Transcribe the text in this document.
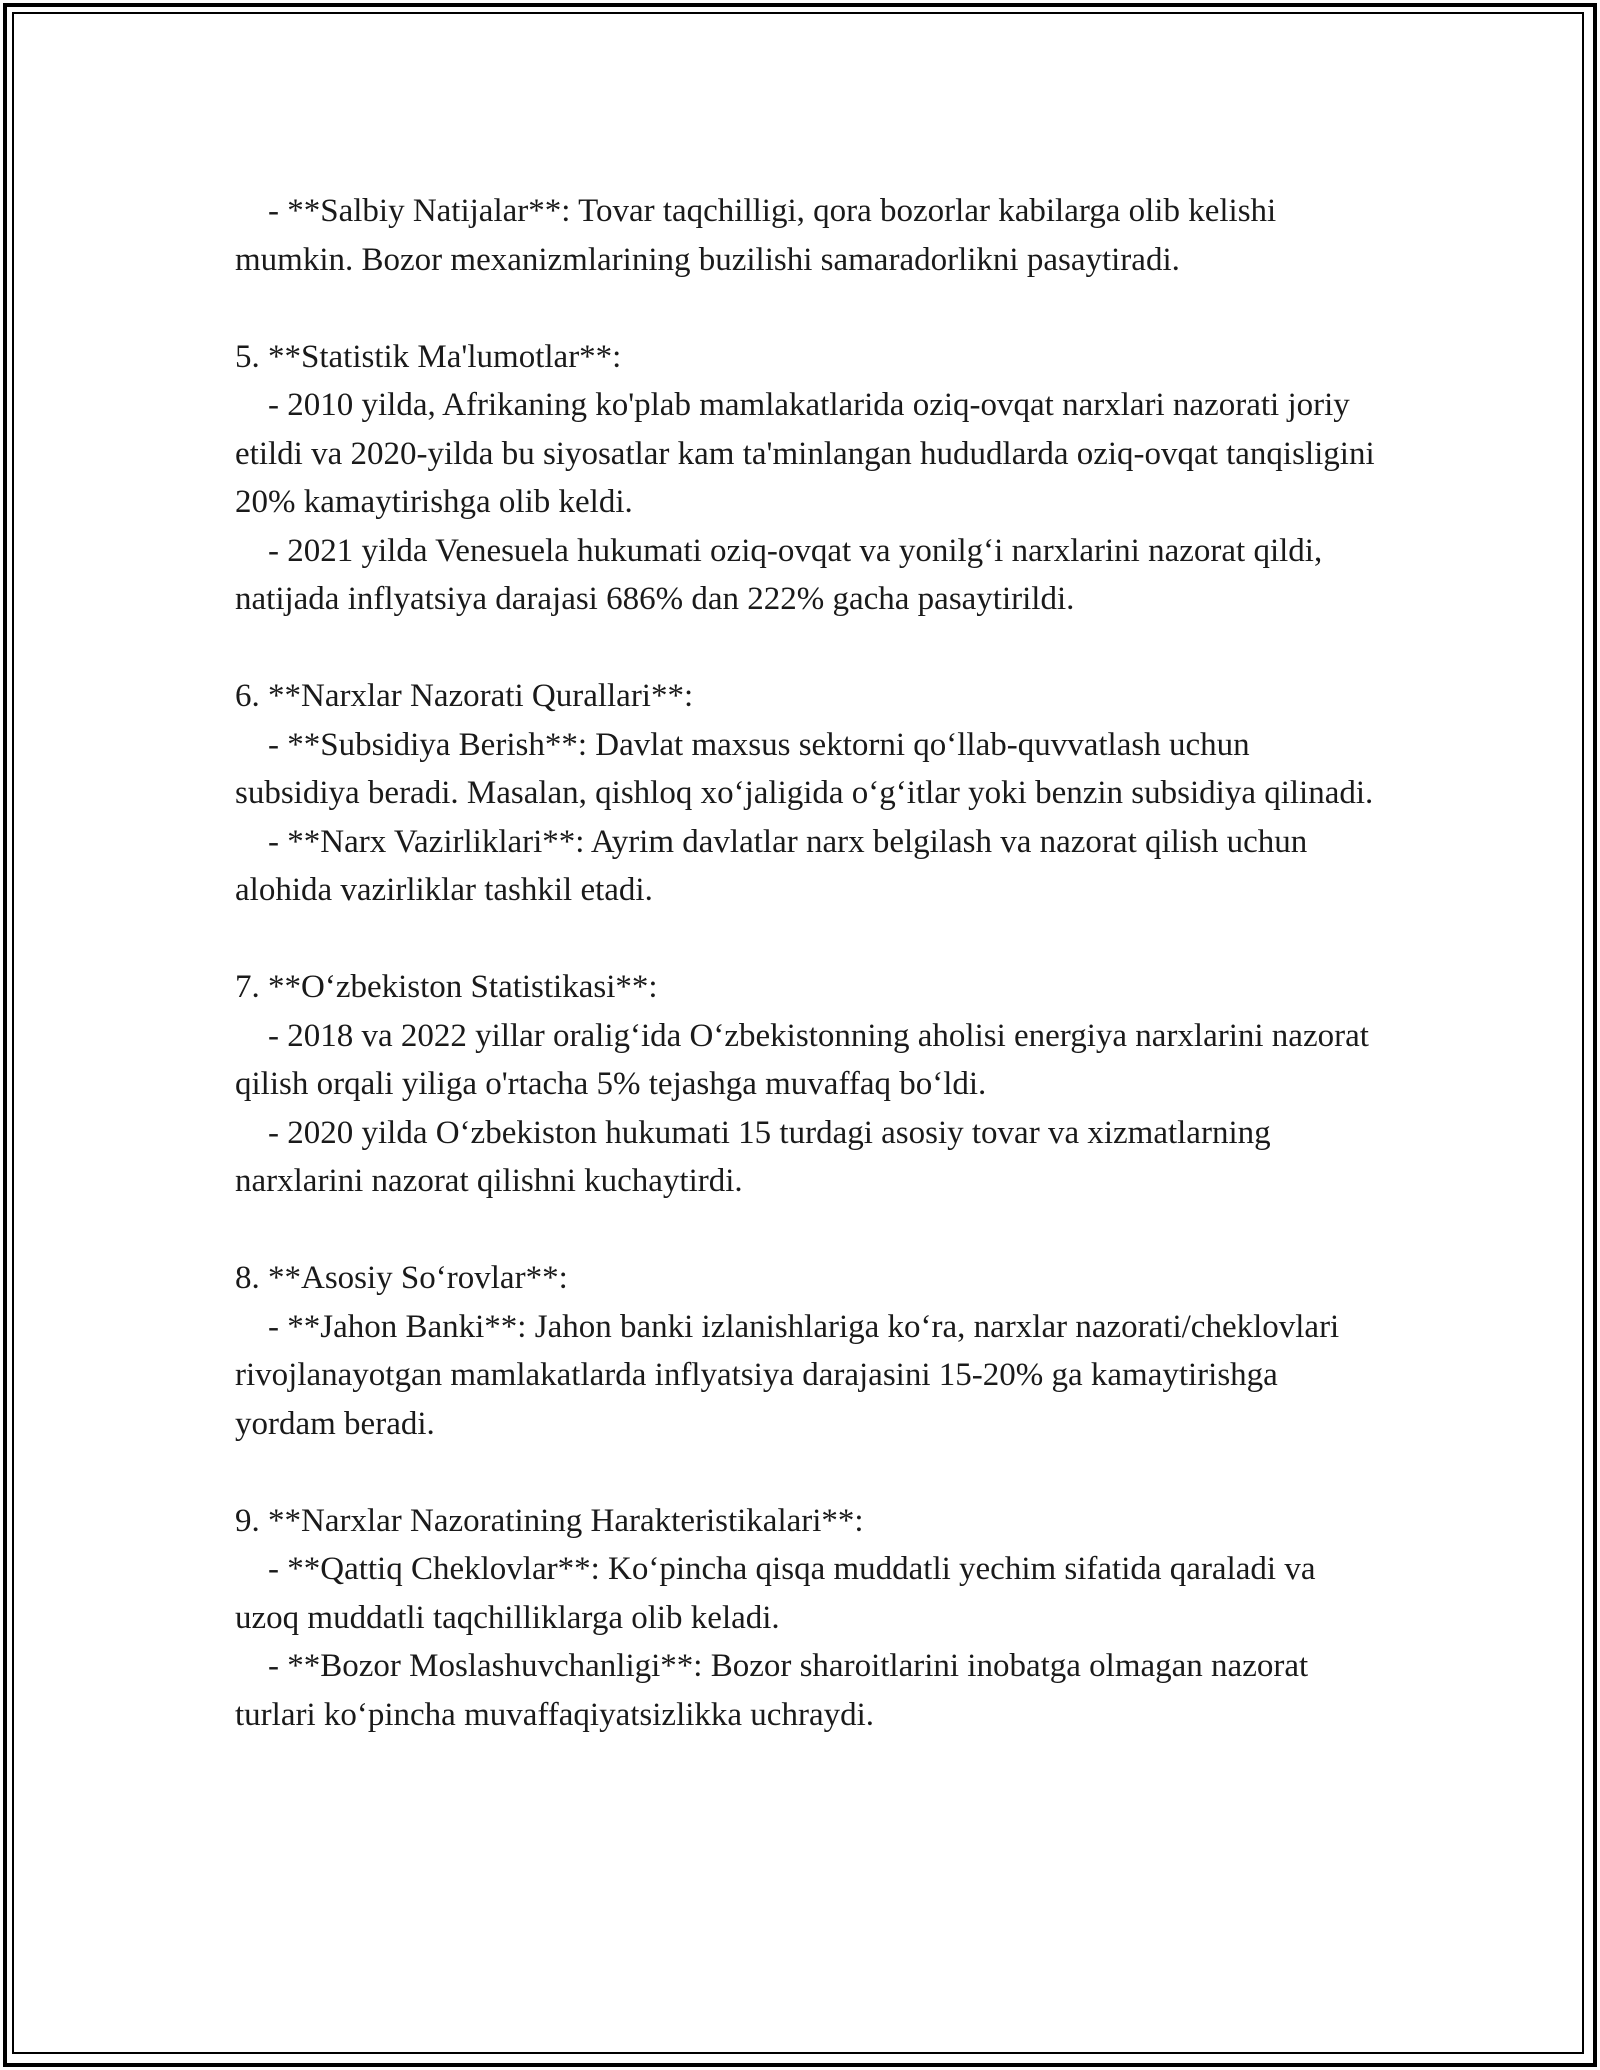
- **Salbiy Natijalar**: Tovar taqchilligi, qora bozorlar kabilarga olib kelishi mumkin. Bozor mexanizmlarining buzilishi samaradorlikni pasaytiradi.

5. **Statistik Ma'lumotlar**:

- 2010 yilda, Afrikaning ko'plab mamlakatlarida oziq-ovqat narxlari nazorati joriy etildi va 2020-yilda bu siyosatlar kam ta'minlangan hududlarda oziq-ovqat tanqisligini 20% kamaytirishga olib keldi.

- 2021 yilda Venesuela hukumati oziq-ovqat va yonilg‘i narxlarini nazorat qildi, natijada inflyatsiya darajasi 686% dan 222% gacha pasaytirildi.

6. **Narxlar Nazorati Qurallari**:

- **Subsidiya Berish**: Davlat maxsus sektorni qo‘llab-quvvatlash uchun subsidiya beradi. Masalan, qishloq xo‘jaligida o‘g‘itlar yoki benzin subsidiya qilinadi.

- **Narx Vazirliklari**: Ayrim davlatlar narx belgilash va nazorat qilish uchun alohida vazirliklar tashkil etadi.

7. **O‘zbekiston Statistikasi**:

- 2018 va 2022 yillar oralig‘ida O‘zbekistonning aholisi energiya narxlarini nazorat qilish orqali yiliga o'rtacha 5% tejashga muvaffaq bo‘ldi.

- 2020 yilda O‘zbekiston hukumati 15 turdagi asosiy tovar va xizmatlarning narxlarini nazorat qilishni kuchaytirdi.

8. **Asosiy So‘rovlar**:

- **Jahon Banki**: Jahon banki izlanishlariga ko‘ra, narxlar nazorati/cheklovlari rivojlanayotgan mamlakatlarda inflyatsiya darajasini 15-20% ga kamaytirishga yordam beradi.

9. **Narxlar Nazoratining Harakteristikalari**:

- **Qattiq Cheklovlar**: Ko‘pincha qisqa muddatli yechim sifatida qaraladi va uzoq muddatli taqchilliklarga olib keladi.

- **Bozor Moslashuvchanligi**: Bozor sharoitlarini inobatga olmagan nazorat turlari ko‘pincha muvaffaqiyatsizlikka uchraydi.
